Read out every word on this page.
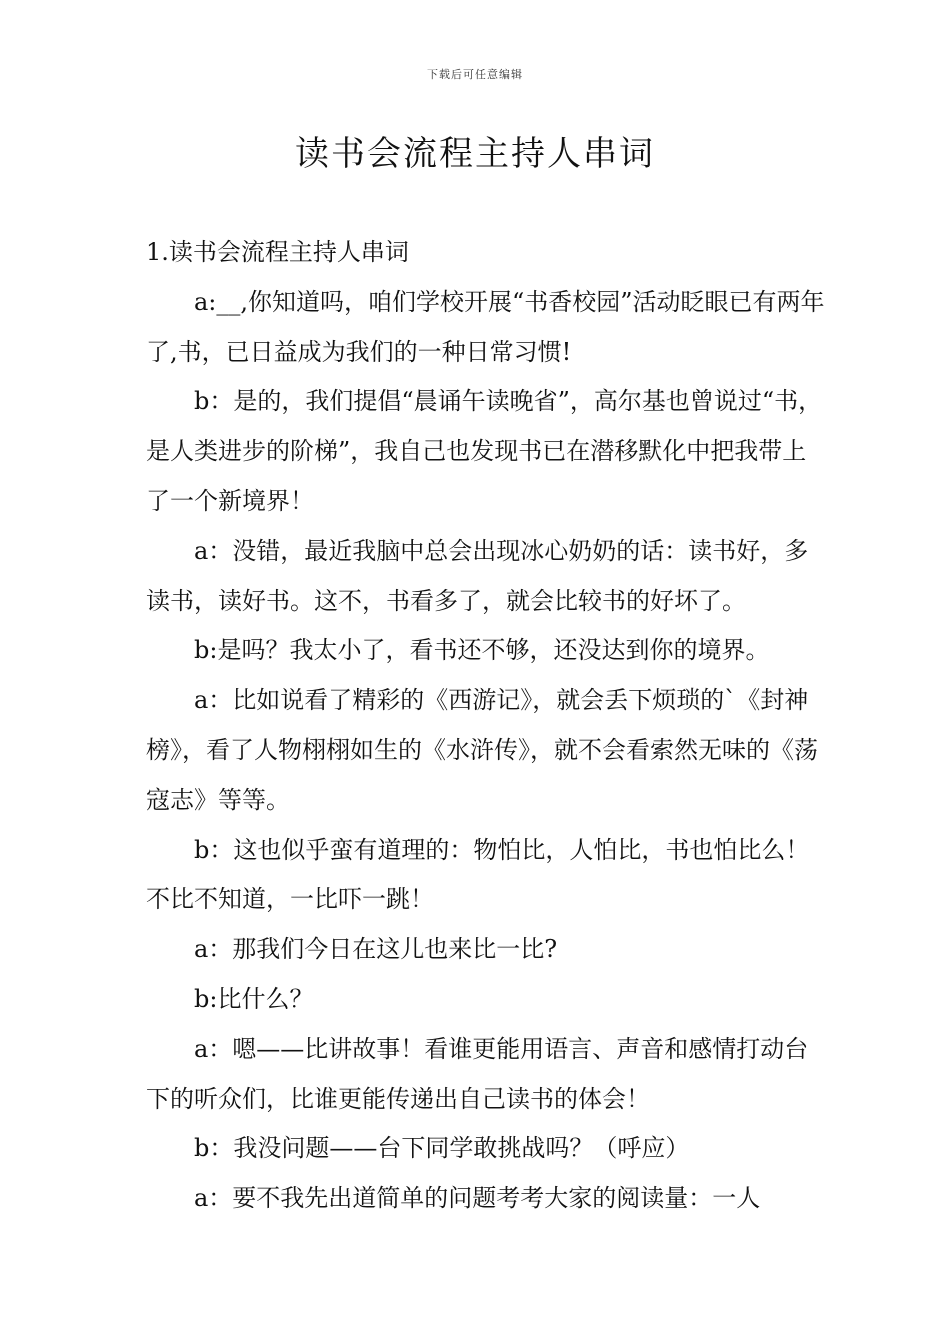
下载后可任意编辑
读书会流程主持人串词

1.读书会流程主持人串词

a:__,你知道吗，咱们学校开展“书香校园”活动眨眼已有两年了,书，已日益成为我们的一种日常习惯!

b：是的，我们提倡“晨诵午读晚省”，高尔基也曾说过“书，是人类进步的阶梯”，我自己也发现书已在潜移默化中把我带上了一个新境界！

a：没错，最近我脑中总会出现冰心奶奶的话：读书好，多读书，读好书。这不，书看多了，就会比较书的好坏了。

b:是吗？我太小了，看书还不够，还没达到你的境界。

a：比如说看了精彩的《西游记》，就会丢下烦琐的`《封神榜》，看了人物栩栩如生的《水浒传》，就不会看索然无味的《荡寇志》等等。

b：这也似乎蛮有道理的：物怕比，人怕比，书也怕比么！不比不知道，一比吓一跳！

a：那我们今日在这儿也来比一比?

b:比什么？

a：嗯——比讲故事！看谁更能用语言、声音和感情打动台下的听众们，比谁更能传递出自己读书的体会！

b：我没问题——台下同学敢挑战吗？（呼应）

a：要不我先出道简单的问题考考大家的阅读量：一人
